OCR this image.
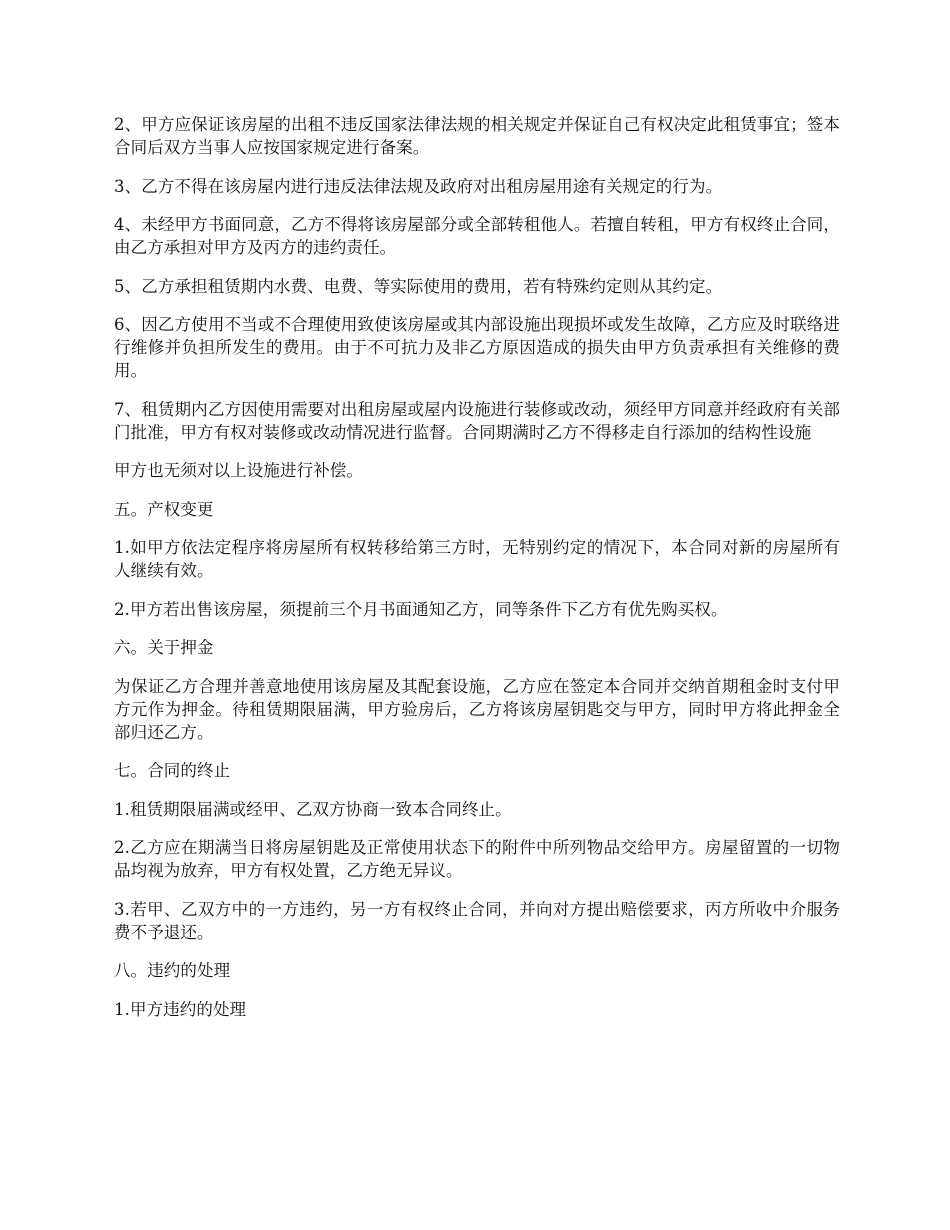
2、甲方应保证该房屋的出租不违反国家法律法规的相关规定并保证自己有权决定此租赁事宜；签本合同后双方当事人应按国家规定进行备案。

3、乙方不得在该房屋内进行违反法律法规及政府对出租房屋用途有关规定的行为。

4、未经甲方书面同意，乙方不得将该房屋部分或全部转租他人。若擅自转租，甲方有权终止合同，由乙方承担对甲方及丙方的违约责任。

5、乙方承担租赁期内水费、电费、等实际使用的费用，若有特殊约定则从其约定。

6、因乙方使用不当或不合理使用致使该房屋或其内部设施出现损坏或发生故障，乙方应及时联络进行维修并负担所发生的费用。由于不可抗力及非乙方原因造成的损失由甲方负责承担有关维修的费用。

7、租赁期内乙方因使用需要对出租房屋或屋内设施进行装修或改动，须经甲方同意并经政府有关部门批准，甲方有权对装修或改动情况进行监督。合同期满时乙方不得移走自行添加的结构性设施

甲方也无须对以上设施进行补偿。

五。产权变更

1.如甲方依法定程序将房屋所有权转移给第三方时，无特别约定的情况下，本合同对新的房屋所有人继续有效。

2.甲方若出售该房屋，须提前三个月书面通知乙方，同等条件下乙方有优先购买权。

六。关于押金

为保证乙方合理并善意地使用该房屋及其配套设施，乙方应在签定本合同并交纳首期租金时支付甲方元作为押金。待租赁期限届满，甲方验房后，乙方将该房屋钥匙交与甲方，同时甲方将此押金全部归还乙方。

七。合同的终止

1.租赁期限届满或经甲、乙双方协商一致本合同终止。

2.乙方应在期满当日将房屋钥匙及正常使用状态下的附件中所列物品交给甲方。房屋留置的一切物品均视为放弃，甲方有权处置，乙方绝无异议。

3.若甲、乙双方中的一方违约，另一方有权终止合同，并向对方提出赔偿要求，丙方所收中介服务费不予退还。

八。违约的处理

1.甲方违约的处理
